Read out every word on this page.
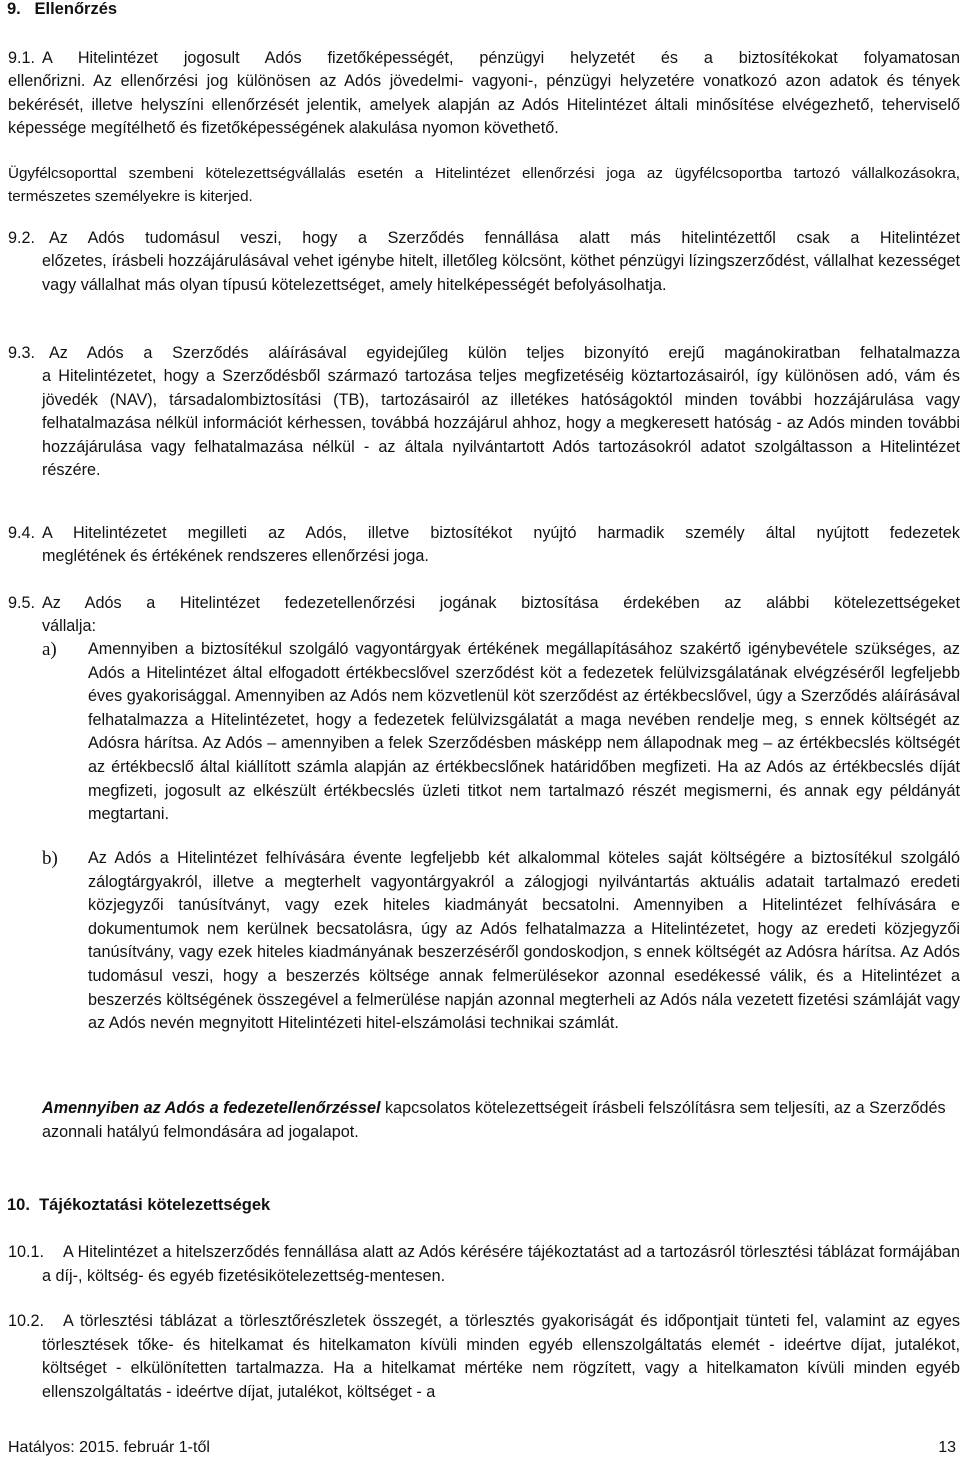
9.   Ellenőrzés
9.1. A Hitelintézet jogosult Adós fizetőképességét, pénzügyi helyzetét és a biztosítékokat folyamatosan
ellenőrizni. Az ellenőrzési jog különösen az Adós jövedelmi- vagyoni-, pénzügyi helyzetére vonatkozó azon adatok és tények bekérését, illetve helyszíni ellenőrzését jelentik, amelyek alapján az Adós Hitelintézet általi minősítése elvégezhető, teherviselő képessége megítélhető és fizetőképességének alakulása nyomon követhető.
Ügyfélcsoporttal szembeni kötelezettségvállalás esetén a Hitelintézet ellenőrzési joga az ügyfélcsoportba tartozó vállalkozásokra, természetes személyekre is kiterjed.
9.2. Az Adós tudomásul veszi, hogy a Szerződés fennállása alatt más hitelintézettől csak a Hitelintézet
előzetes, írásbeli hozzájárulásával vehet igénybe hitelt, illetőleg kölcsönt, köthet pénzügyi lízingszerződést, vállalhat kezességet vagy vállalhat más olyan típusú kötelezettséget, amely hitelképességét befolyásolhatja.
9.3. Az Adós a Szerződés aláírásával egyidejűleg külön teljes bizonyító erejű magánokiratban felhatalmazza
a Hitelintézetet, hogy a Szerződésből származó tartozása teljes megfizetéséig köztartozásairól, így különösen adó, vám és jövedék (NAV), társadalombiztosítási (TB), tartozásairól az illetékes hatóságoktól minden további hozzájárulása vagy felhatalmazása nélkül információt kérhessen, továbbá hozzájárul ahhoz, hogy a megkeresett hatóság - az Adós minden további hozzájárulása vagy felhatalmazása nélkül - az általa nyilvántartott Adós tartozásokról adatot szolgáltasson a Hitelintézet részére.
9.4. A Hitelintézetet megilleti az Adós, illetve biztosítékot nyújtó harmadik személy által nyújtott fedezetek
meglétének és értékének rendszeres ellenőrzési joga.
9.5. Az Adós a Hitelintézet fedezetellenőrzési jogának biztosítása érdekében az alábbi kötelezettségeket
vállalja:
a) Amennyiben a biztosítékul szolgáló vagyontárgyak értékének megállapításához szakértő igénybevétele szükséges, az Adós a Hitelintézet által elfogadott értékbecslővel szerződést köt a fedezetek felülvizsgálatának elvégzéséről legfeljebb éves gyakorisággal. Amennyiben az Adós nem közvetlenül köt szerződést az értékbecslővel, úgy a Szerződés aláírásával felhatalmazza a Hitelintézetet, hogy a fedezetek felülvizsgálatát a maga nevében rendelje meg, s ennek költségét az Adósra hárítsa. Az Adós – amennyiben a felek Szerződésben másképp nem állapodnak meg – az értékbecslés költségét az értékbecslő által kiállított számla alapján az értékbecslőnek határidőben megfizeti. Ha az Adós az értékbecslés díját megfizeti, jogosult az elkészült értékbecslés üzleti titkot nem tartalmazó részét megismerni, és annak egy példányát megtartani.
b) Az Adós a Hitelintézet felhívására évente legfeljebb két alkalommal köteles saját költségére a biztosítékul szolgáló zálogtárgyakról, illetve a megterhelt vagyontárgyakról a zálogjogi nyilvántartás aktuális adatait tartalmazó eredeti közjegyzői tanúsítványt, vagy ezek hiteles kiadmányát becsatolni. Amennyiben a Hitelintézet felhívására e dokumentumok nem kerülnek becsatolásra, úgy az Adós felhatalmazza a Hitelintézetet, hogy az eredeti közjegyzői tanúsítvány, vagy ezek hiteles kiadmányának beszerzéséről gondoskodjon, s ennek költségét az Adósra hárítsa. Az Adós tudomásul veszi, hogy a beszerzés költsége annak felmerülésekor azonnal esedékessé válik, és a Hitelintézet a beszerzés költségének összegével a felmerülése napján azonnal megterheli az Adós nála vezetett fizetési számláját vagy az Adós nevén megnyitott Hitelintézeti hitel-elszámolási technikai számlát.
Amennyiben az Adós a fedezetellenőrzéssel kapcsolatos kötelezettségeit írásbeli felszólításra sem teljesíti, az a Szerződés azonnali hatályú felmondására ad jogalapot.
10.  Tájékoztatási kötelezettségek
10.1.	A Hitelintézet a hitelszerződés fennállása alatt az Adós kérésére tájékoztatást ad a tartozásról törlesztési táblázat formájában a díj-, költség- és egyéb fizetésikötelezettség-mentesen.
10.2.	A törlesztési táblázat a törlesztőrészletek összegét, a törlesztés gyakoriságát és időpontjait tünteti fel, valamint az egyes törlesztések tőke- és hitelkamat és hitelkamaton kívüli minden egyéb ellenszolgáltatás elemét - ideértve díjat, jutalékot, költséget - elkülönítetten tartalmazza. Ha a hitelkamat mértéke nem rögzített, vagy a hitelkamaton kívüli minden egyéb ellenszolgáltatás - ideértve díjat, jutalékot, költséget - a
Hatályos: 2015. február 1-től	13
